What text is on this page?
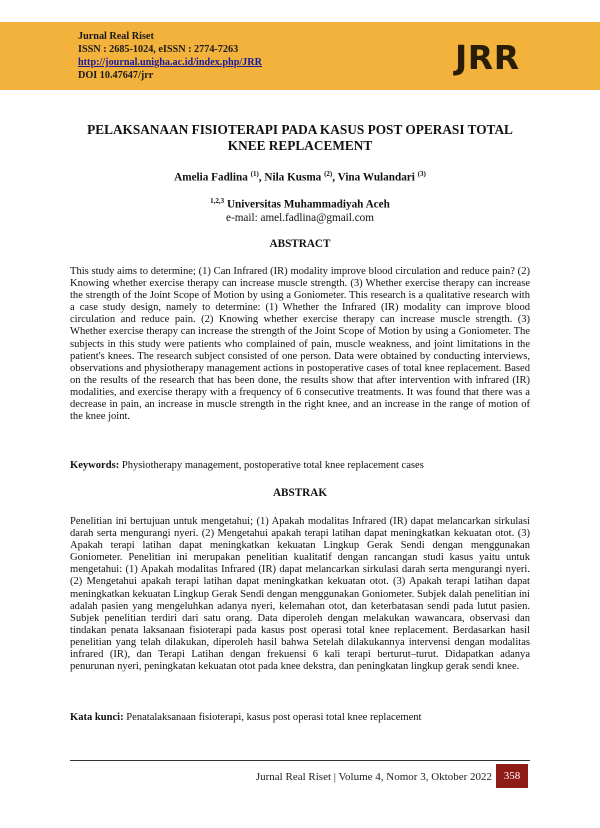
Jurnal Real Riset
ISSN : 2685-1024, eISSN : 2774-7263
http://journal.unigha.ac.id/index.php/JRR
DOI 10.47647/jrr	JRR
PELAKSANAAN FISIOTERAPI PADA KASUS POST OPERASI TOTAL KNEE REPLACEMENT
Amelia Fadlina $^{(1)}$, Nila Kusma $^{(2)}$, Vina Wulandari $^{(3)}$
$^{1,2,3}$ Universitas Muhammadiyah Aceh
e-mail: amel.fadlina@gmail.com
ABSTRACT
This study aims to determine; (1) Can Infrared (IR) modality improve blood circulation and reduce pain? (2) Knowing whether exercise therapy can increase muscle strength. (3) Whether exercise therapy can increase the strength of the Joint Scope of Motion by using a Goniometer. This research is a qualitative research with a case study design, namely to determine: (1) Whether the Infrared (IR) modality can improve blood circulation and reduce pain. (2) Knowing whether exercise therapy can increase muscle strength. (3) Whether exercise therapy can increase the strength of the Joint Scope of Motion by using a Goniometer. The subjects in this study were patients who complained of pain, muscle weakness, and joint limitations in the patient's knees. The research subject consisted of one person. Data were obtained by conducting interviews, observations and physiotherapy management actions in postoperative cases of total knee replacement. Based on the results of the research that has been done, the results show that after intervention with infrared (IR) modalities, and exercise therapy with a frequency of 6 consecutive treatments. It was found that there was a decrease in pain, an increase in muscle strength in the right knee, and an increase in the range of motion of the knee joint.
Keywords: Physiotherapy management, postoperative total knee replacement cases
ABSTRAK
Penelitian ini bertujuan untuk mengetahui; (1) Apakah modalitas Infrared (IR) dapat melancarkan sirkulasi darah serta mengurangi nyeri. (2) Mengetahui apakah terapi latihan dapat meningkatkan kekuatan otot. (3) Apakah terapi latihan dapat meningkatkan kekuatan Lingkup Gerak Sendi dengan menggunakan Goniometer. Penelitian ini merupakan penelitian kualitatif dengan rancangan studi kasus yaitu untuk mengetahui: (1) Apakah modalitas Infrared (IR) dapat melancarkan sirkulasi darah serta mengurangi nyeri. (2) Mengetahui apakah terapi latihan dapat meningkatkan kekuatan otot. (3) Apakah terapi latihan dapat meningkatkan kekuatan Lingkup Gerak Sendi dengan menggunakan Goniometer. Subjek dalah penelitian ini adalah pasien yang mengeluhkan adanya nyeri, kelemahan otot, dan keterbatasan sendi pada lutut pasien. Subjek penelitian terdiri dari satu orang. Data diperoleh dengan melakukan wawancara, observasi dan tindakan penata laksanaan fisioterapi pada kasus post operasi total knee replacement. Berdasarkan hasil penelitian yang telah dilakukan, diperoleh hasil bahwa Setelah dilakukannya intervensi dengan modalitas infrared (IR), dan Terapi Latihan dengan frekuensi 6 kali terapi berturut–turut. Didapatkan adanya penurunan nyeri, peningkatan kekuatan otot pada knee dekstra, dan peningkatan lingkup gerak sendi knee.
Kata kunci: Penatalaksanaan fisioterapi, kasus post operasi total knee replacement
Jurnal Real Riset | Volume 4, Nomor 3, Oktober 2022	358
